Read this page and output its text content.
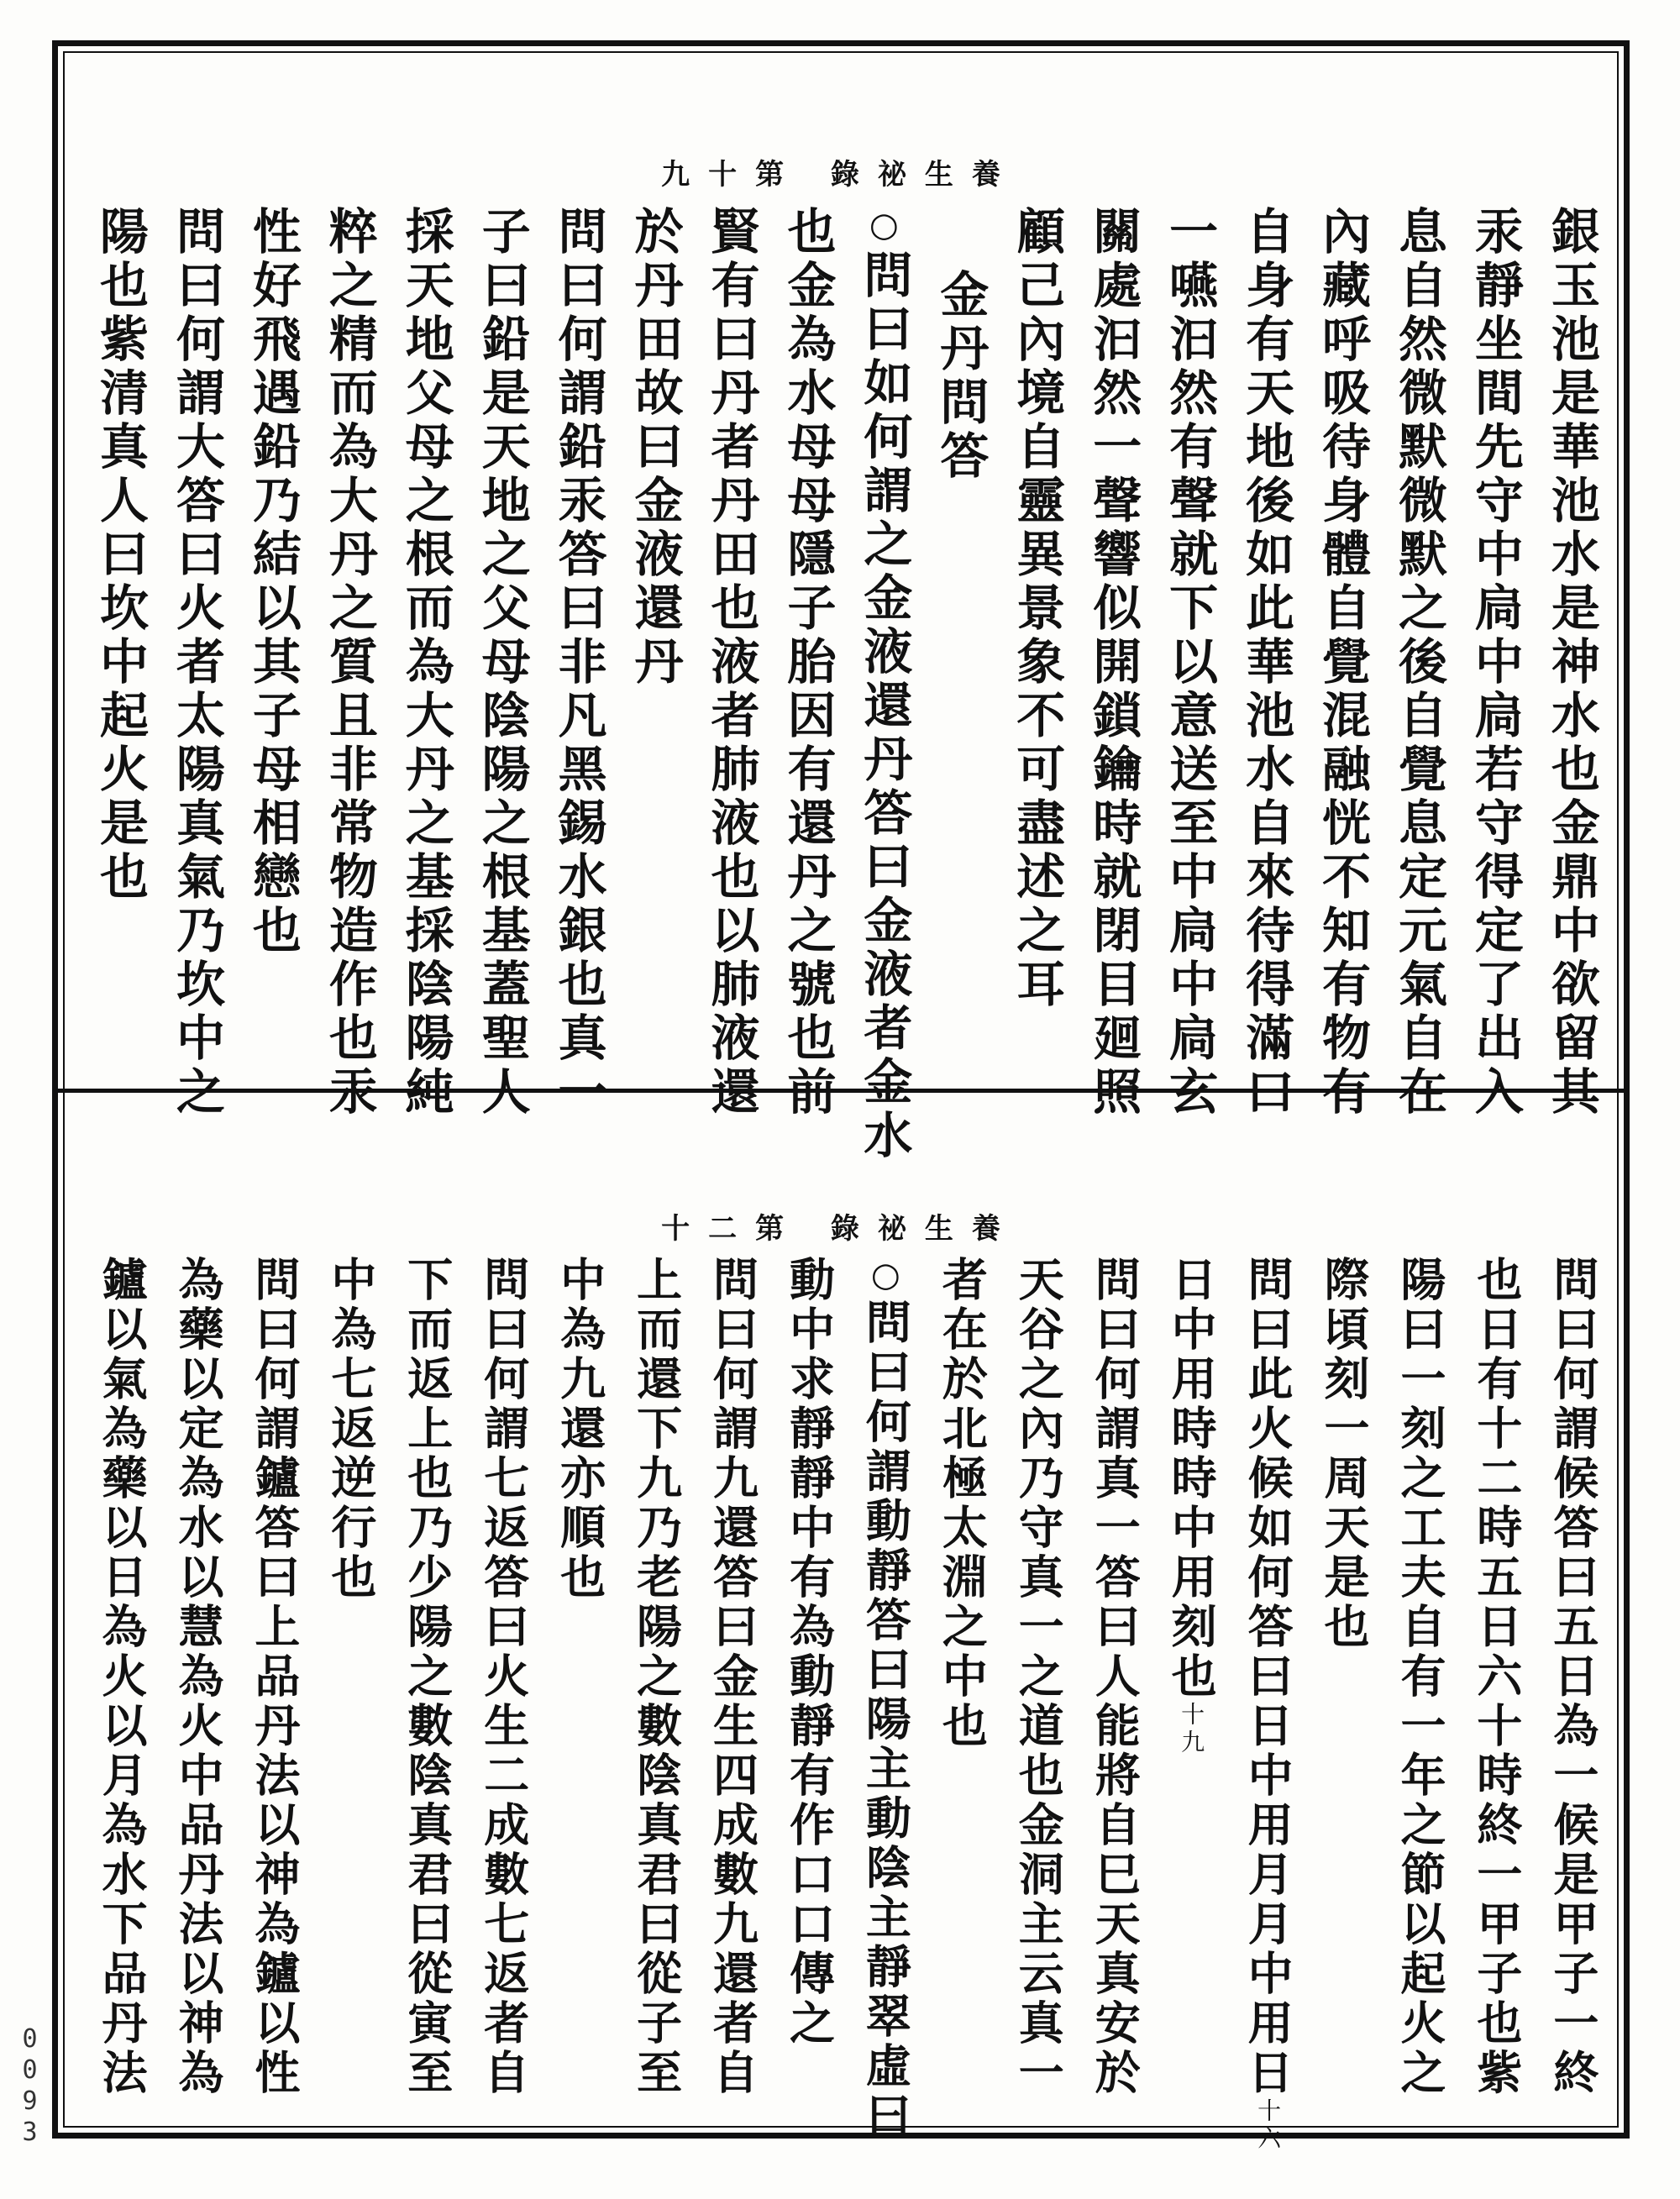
養生祕錄 第十九
銀玉池是華池水是神水也金鼎中欲留其
汞靜坐間先守中扃中扃若守得定了出入
息自然微默微默之後自覺息定元氣自在
內藏呼吸待身體自覺混融恍不知有物有
自身有天地後如此華池水自來待得滿口
一嚥汩然有聲就下以意送至中扃中扃玄
關處汩然一聲響似開鎖鑰時就閉目廻照
顧己內境自靈異景象不可盡述之耳
金丹問答
○問曰如何謂之金液還丹答曰金液者金水
也金為水母母隱子胎因有還丹之號也前
賢有曰丹者丹田也液者肺液也以肺液還
於丹田故曰金液還丹
問曰何謂鉛汞答曰非凡黑錫水銀也真一
子曰鉛是天地之父母陰陽之根基蓋聖人
採天地父母之根而為大丹之基採陰陽純
粹之精而為大丹之質且非常物造作也汞
性好飛遇鉛乃結以其子母相戀也
問曰何謂大答曰火者太陽真氣乃坎中之
陽也紫清真人曰坎中起火是也
養生祕錄 第二十
問曰何謂候答曰五日為一候是甲子一終
也日有十二時五日六十時終一甲子也紫
陽曰一刻之工夫自有一年之節以起火之
際頃刻一周天是也
問曰此火候如何答曰日中用月月中用日十六
日中用時時中用刻也十九
問曰何謂真一答曰人能將自巳天真安於
天谷之內乃守真一之道也金洞主云真一
者在於北極太淵之中也
○問曰何謂動靜答曰陽主動陰主靜翠虛曰
動中求靜靜中有為動靜有作口口傳之
問曰何謂九還答曰金生四成數九還者自
上而還下九乃老陽之數陰真君曰從子至
中為九還亦順也
問曰何謂七返答曰火生二成數七返者自
下而返上也乃少陽之數陰真君曰從寅至
中為七返逆行也
問曰何謂鑪答曰上品丹法以神為鑪以性
為藥以定為水以慧為火中品丹法以神為
鑪以氣為藥以日為火以月為水下品丹法
0093
